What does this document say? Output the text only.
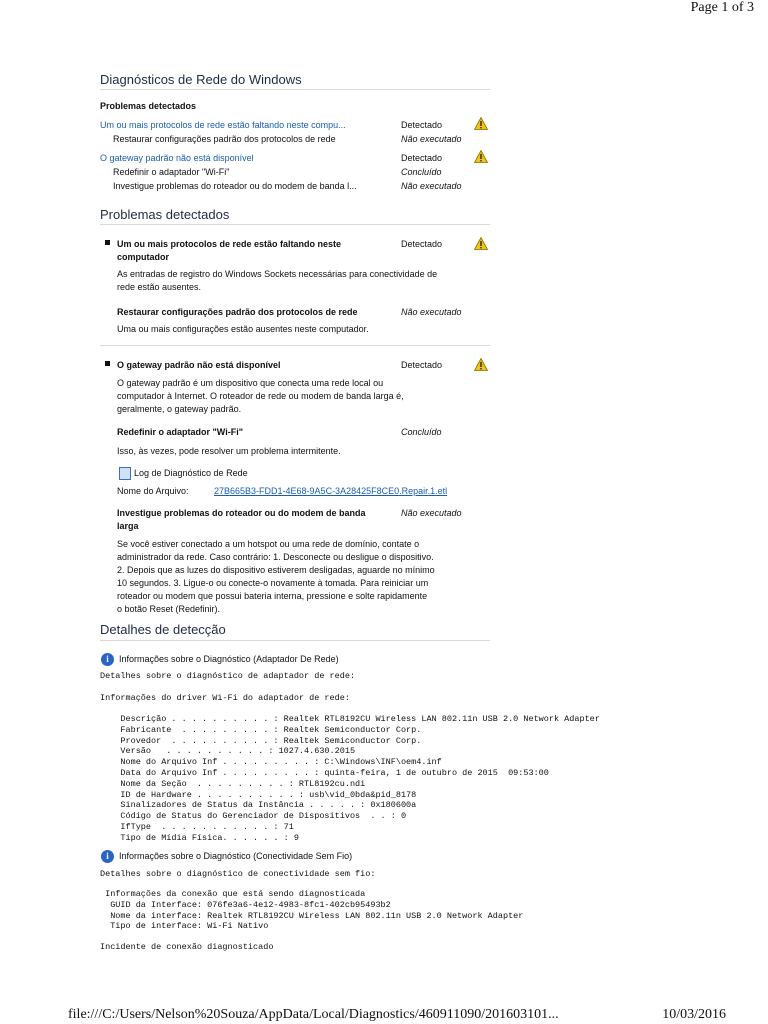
Page 1 of 3
file:///C:/Users/Nelson%20Souza/AppData/Local/Diagnostics/460911090/201603101...	10/03/2016
Diagnósticos de Rede do Windows
Problemas detectados
Um ou mais protocolos de rede estão faltando neste compu...	Detectado
Restaurar configurações padrão dos protocolos de rede	Não executado
O gateway padrão não está disponível	Detectado
Redefinir o adaptador "Wi-Fi"	Concluído
Investigue problemas do roteador ou do modem de banda l...	Não executado
Problemas detectados
Um ou mais protocolos de rede estão faltando neste
computador
Detectado
As entradas de registro do Windows Sockets necessárias para conectividade de
rede estão ausentes.
Restaurar configurações padrão dos protocolos de rede	Não executado
Uma ou mais configurações estão ausentes neste computador.
O gateway padrão não está disponível	Detectado
O gateway padrão é um dispositivo que conecta uma rede local ou
computador à Internet. O roteador de rede ou modem de banda larga é,
geralmente, o gateway padrão.
Redefinir o adaptador "Wi-Fi"	Concluído
Isso, às vezes, pode resolver um problema intermitente.
Log de Diagnóstico de Rede
Nome do Arquivo:	27B665B3-FDD1-4E68-9A5C-3A28425F8CE0.Repair.1.etl
Investigue problemas do roteador ou do modem de banda
larga
Não executado
Se você estiver conectado a um hotspot ou uma rede de domínio, contate o
administrador da rede. Caso contrário: 1. Desconecte ou desligue o dispositivo.
2. Depois que as luzes do dispositivo estiverem desligadas, aguarde no mínimo
10 segundos. 3. Ligue-o ou conecte-o novamente à tomada. Para reiniciar um
roteador ou modem que possui bateria interna, pressione e solte rapidamente
o botão Reset (Redefinir).
Detalhes de detecção
i	Informações sobre o Diagnóstico (Adaptador De Rede)
Detalhes sobre o diagnóstico de adaptador de rede:
Informações do driver Wi-Fi do adaptador de rede:
Descrição . . . . . . . . . . : Realtek RTL8192CU Wireless LAN 802.11n USB 2.0 Network Adapter
Fabricante  . . . . . . . . . : Realtek Semiconductor Corp.
Provedor  . . . . . . . . . . : Realtek Semiconductor Corp.
Versão   . . . . . . . . . . : 1027.4.630.2015
Nome do Arquivo Inf . . . . . . . . . : C:\Windows\INF\oem4.inf
Data do Arquivo Inf . . . . . . . . . : quinta-feira, 1 de outubro de 2015  09:53:00
Nome da Seção  . . . . . . . . . : RTL8192cu.ndi
ID de Hardware . . . . . . . . . . : usb\vid_0bda&pid_8178
Sinalizadores de Status da Instância . . . . . : 0x180600a
Código de Status do Gerenciador de Dispositivos  . . : 0
IfType  . . . . . . . . . . . : 71
Tipo de Mídia Física. . . . . . : 9
i	Informações sobre o Diagnóstico (Conectividade Sem Fio)
Detalhes sobre o diagnóstico de conectividade sem fio:
Informações da conexão que está sendo diagnosticada
GUID da Interface: 076fe3a6-4e12-4983-8fc1-402cb95493b2
Nome da interface: Realtek RTL8192CU Wireless LAN 802.11n USB 2.0 Network Adapter
Tipo de interface: Wi-Fi Nativo
Incidente de conexão diagnosticado
